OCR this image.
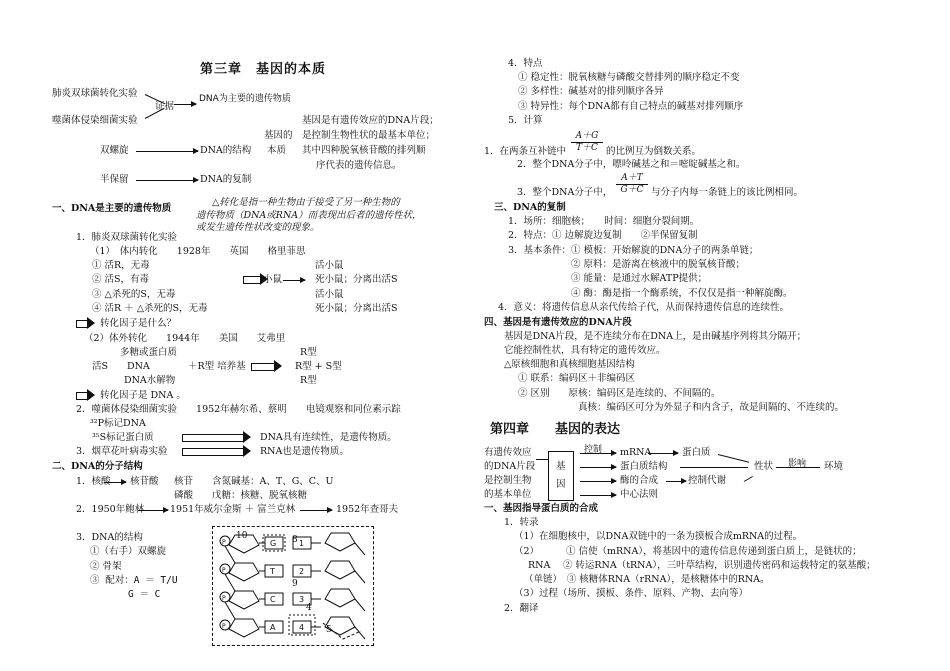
第三章　基因的本质
肺炎双球菌转化实验
证据
DNA为主要的遗传物质
噬菌体侵染细菌实验	基因是有遗传效应的DNA片段；
基因的 是控制生物性状的最基本单位；
双螺旋	DNA的结构 本质 其中四种脱氧核苷酸的排列顺
序代表的遗传信息。
半保留	DNA的复制
一、DNA是主要的遗传物质
△转化是指一种生物由于接受了另一种生物的
遗传物质（DNA或RNA）而表现出后者的遗传性状，
或发生遗传性状改变的现象。
1．肺炎双球菌转化实验
（1）　体内转化　　1928年　　英国　　格里菲思
① 活R，无毒	活小鼠
② 活S，有毒	死小鼠；分离出活S
小鼠
③ △杀死的S，无毒	活小鼠
④ 活R ＋ △杀死的S，无毒	死小鼠；分离出活S
转化因子是什么？
（2）体外转化　　1944年　　美国　　艾弗里
多糖或蛋白质
活S　　DNA	＋R型 培养基
DNA水解物
R型
R型 + S型
R型
转化因子是 DNA 。
2．噬菌体侵染细菌实验　　1952年赫尔希、蔡明　　电镜观察和同位素示踪
³²P标记DNA
³⁵S标记蛋白质	DNA具有连续性，是遗传物质。
3．烟草花叶病毒实验	RNA也是遗传物质。
二、DNA的分子结构
1．核酸 核苷酸 核苷　　含氮碱基：A、T、G、C、U
磷酸　　戊糖：核糖、脱氧核糖
2．1950年鲍林	1951年威尔金斯 ＋ 富兰克林	1952年查哥夫
3．DNA的结构
①（右手）双螺旋
② 骨架
③ 配对：A ＝ T/U
G ＝ C
P
P
P
P
G
T
C
A
1
2
3
4
10
9
8
4
5
4．特点
① 稳定性：脱氧核糖与磷酸交替排列的顺序稳定不变
② 多样性：碱基对的排列顺序各异
③ 特异性：每个DNA都有自己特点的碱基对排列顺序
5．计算
1．在两条互补链中 $\frac{A+G}{T+C}$ 的比例互为倒数关系。
2．整个DNA分子中，嘌呤碱基之和＝嘧啶碱基之和。
3．整个DNA分子中， $\frac{A+T}{G+C}$ 与分子内每一条链上的该比例相同。
三、DNA的复制
1．场所：细胞核；　　时间：细胞分裂间期。
2．特点：① 边解旋边复制　　②半保留复制
3．基本条件：① 模板：开始解旋的DNA分子的两条单链；
② 原料：是游离在核液中的脱氧核苷酸；
③ 能量：是通过水解ATP提供；
④ 酶：酶是指一个酶系统，不仅仅是指一种解旋酶。
4．意义：将遗传信息从亲代传给子代，从而保持遗传信息的连续性。
四、基因是有遗传效应的DNA片段
基因是DNA片段，是不连续分布在DNA上，是由碱基序列将其分隔开；
它能控制性状，具有特定的遗传效应。
△原核细胞和真核细胞基因结构
① 联系：编码区＋非编码区
② 区别　　原核：编码区是连续的、不间隔的。
真核：编码区可分为外显子和内含子，故是间隔的、不连续的。
第四章　　基因的表达
有遗传效应
的DNA片段
是控制生物
的基本单位
基
因
控制 mRNA	蛋白质
蛋白质结构
酶的合成	控制代谢
中心法则
性状 影响 环境
一、基因指导蛋白质的合成
1．转录
（1）在细胞核中，以DNA双链中的一条为摸板合成mRNA的过程。
（2）	① 信使（mRNA），将基因中的遗传信息传递到蛋白质上，是链状的；
RNA　 ② 转运RNA（tRNA），三叶草结构，识别遗传密码和运载特定的氨基酸；
（单链）　③ 核糖体RNA（rRNA），是核糖体中的RNA。
（3）过程（场所、摸板、条件、原料、产物、去向等）
2．翻译
